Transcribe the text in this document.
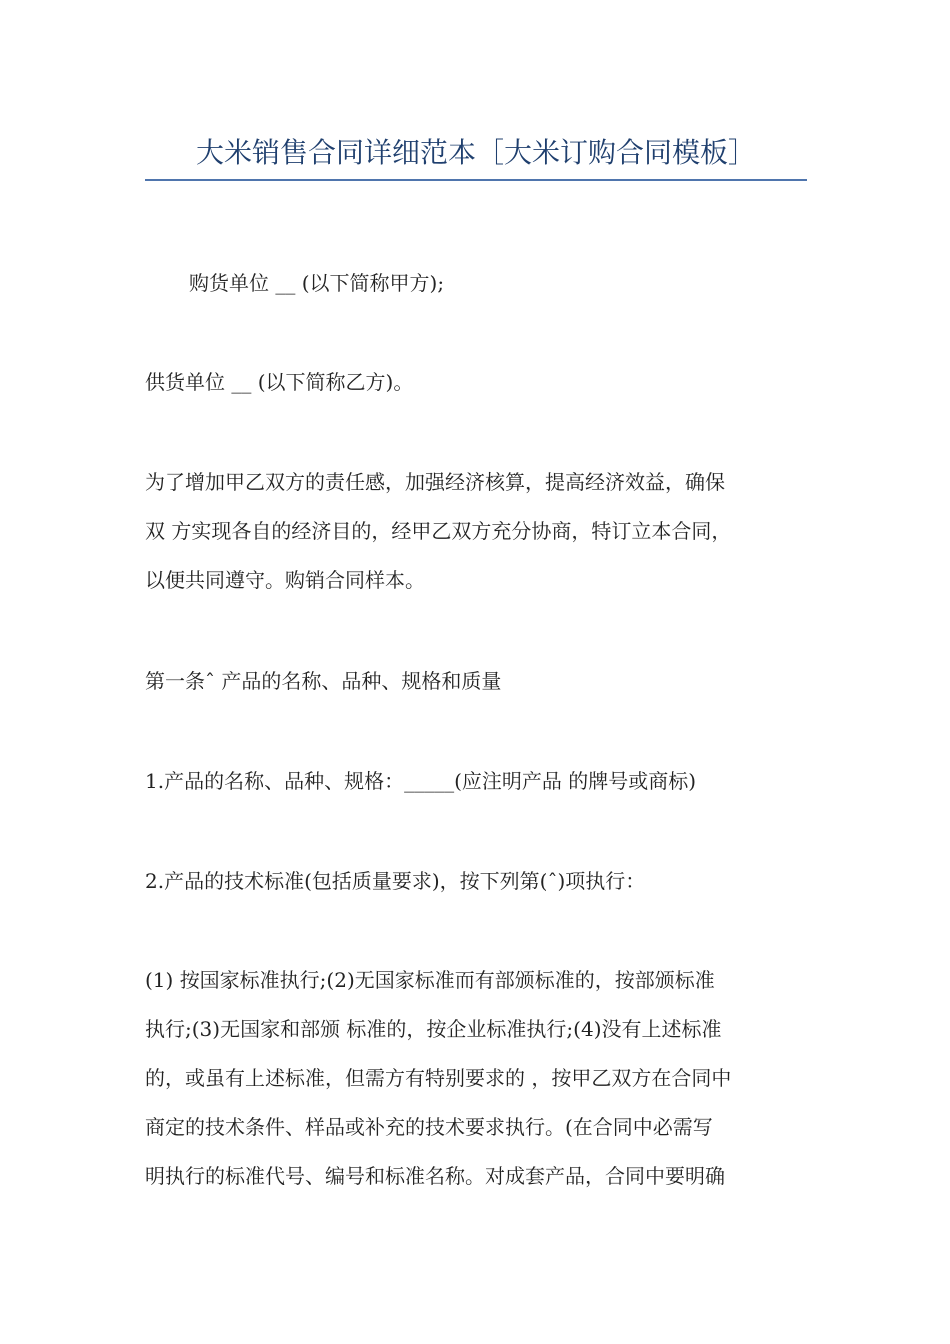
大米销售合同详细范本［大米订购合同模板］

购货单位 __ (以下简称甲方);

供货单位 __ (以下简称乙方)。

为了增加甲乙双方的责任感，加强经济核算，提高经济效益，确保
双 方实现各自的经济目的，经甲乙双方充分协商，特订立本合同，
以便共同遵守。购销合同样本。

第一条ˆ 产品的名称、品种、规格和质量

1.产品的名称、品种、规格：_____(应注明产品 的牌号或商标)

2.产品的技术标准(包括质量要求)，按下列第(ˆ)项执行：

(1) 按国家标准执行;(2)无国家标准而有部颁标准的，按部颁标准
执行;(3)无国家和部颁 标准的，按企业标准执行;(4)没有上述标准
的，或虽有上述标准，但需方有特别要求的 ，按甲乙双方在合同中
商定的技术条件、样品或补充的技术要求执行。(在合同中必需写
明执行的标准代号、编号和标准名称。对成套产品，合同中要明确
